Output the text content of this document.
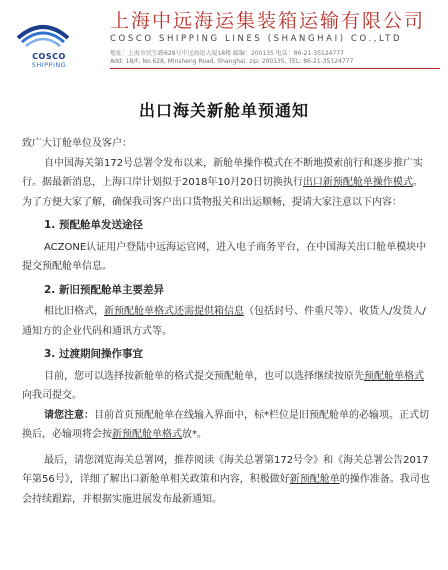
COSCO
SHIPPING
上海中远海运集装箱运输有限公司
COSCO SHIPPING LINES (SHANGHAI) CO.,LTD
地址：上海市民生路628号中远海运大厦18楼 邮编：200135 电话：86-21-35124777
Add: 18/F, No.628, Minsheng Road, Shanghai. zip: 200135, TEL: 86-21-35124777
出口海关新舱单预通知

致广大订舱单位及客户：

自中国海关第172号总署令发布以来，新舱单操作模式在不断地摸索前行和逐步推广实行。据最新消息，上海口岸计划拟于2018年10月20日切换执行出口新预配舱单操作模式。为了方便大家了解，确保我司客户出口货物报关和出运顺畅，提请大家注意以下内容：

1. 预配舱单发送途径

ACZONE认证用户登陆中远海运官网，进入电子商务平台，在中国海关出口舱单模块中提交预配舱单信息。

2. 新旧预配舱单主要差异

相比旧格式，新预配舱单格式还需提供箱信息（包括封号、件重尺等）、收货人/发货人/通知方的企业代码和通讯方式等。

3. 过渡期间操作事宜

目前，您可以选择按新舱单的格式提交预配舱单，也可以选择继续按原先预配舱单格式向我司提交。

请您注意：目前首页预配舱单在线输入界面中，标*栏位是旧预配舱单的必输项。正式切换后，必输项将会按新预配舱单格式放*。

最后，请您浏览海关总署网，推荐阅读《海关总署第172号令》和《海关总署公告2017年第56号》，详细了解出口新舱单相关政策和内容，积极做好新预配舱单的操作准备。我司也会持续跟踪，并根据实施进展发布最新通知。
